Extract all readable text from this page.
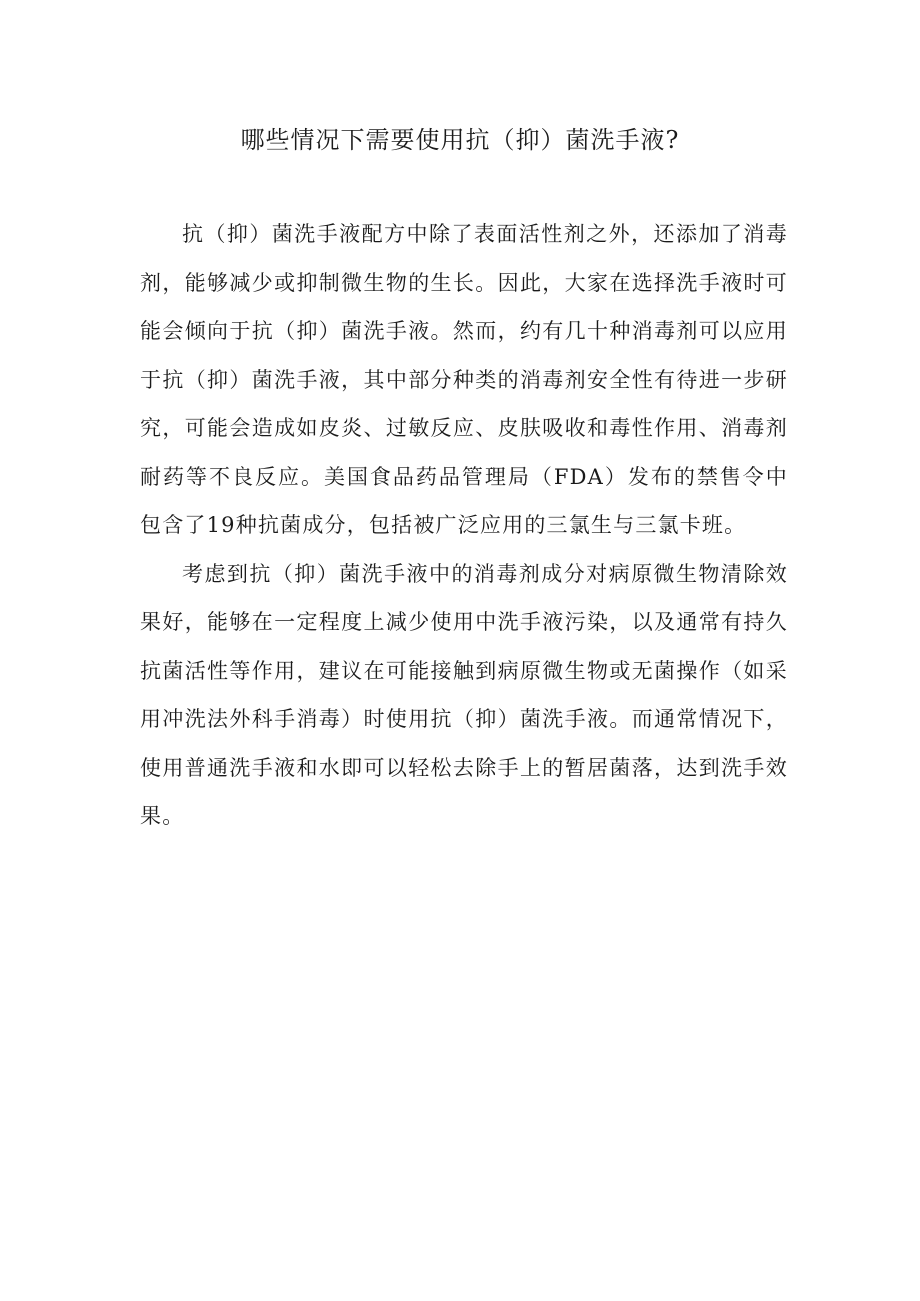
哪些情况下需要使用抗（抑）菌洗手液?

抗（抑）菌洗手液配方中除了表面活性剂之外，还添加了消毒剂，能够减少或抑制微生物的生长。因此，大家在选择洗手液时可能会倾向于抗（抑）菌洗手液。然而，约有几十种消毒剂可以应用于抗（抑）菌洗手液，其中部分种类的消毒剂安全性有待进一步研究，可能会造成如皮炎、过敏反应、皮肤吸收和毒性作用、消毒剂耐药等不良反应。美国食品药品管理局（FDA）发布的禁售令中包含了19种抗菌成分，包括被广泛应用的三氯生与三氯卡班。

考虑到抗（抑）菌洗手液中的消毒剂成分对病原微生物清除效果好，能够在一定程度上减少使用中洗手液污染，以及通常有持久抗菌活性等作用，建议在可能接触到病原微生物或无菌操作（如采用冲洗法外科手消毒）时使用抗（抑）菌洗手液。而通常情况下，使用普通洗手液和水即可以轻松去除手上的暂居菌落，达到洗手效果。
